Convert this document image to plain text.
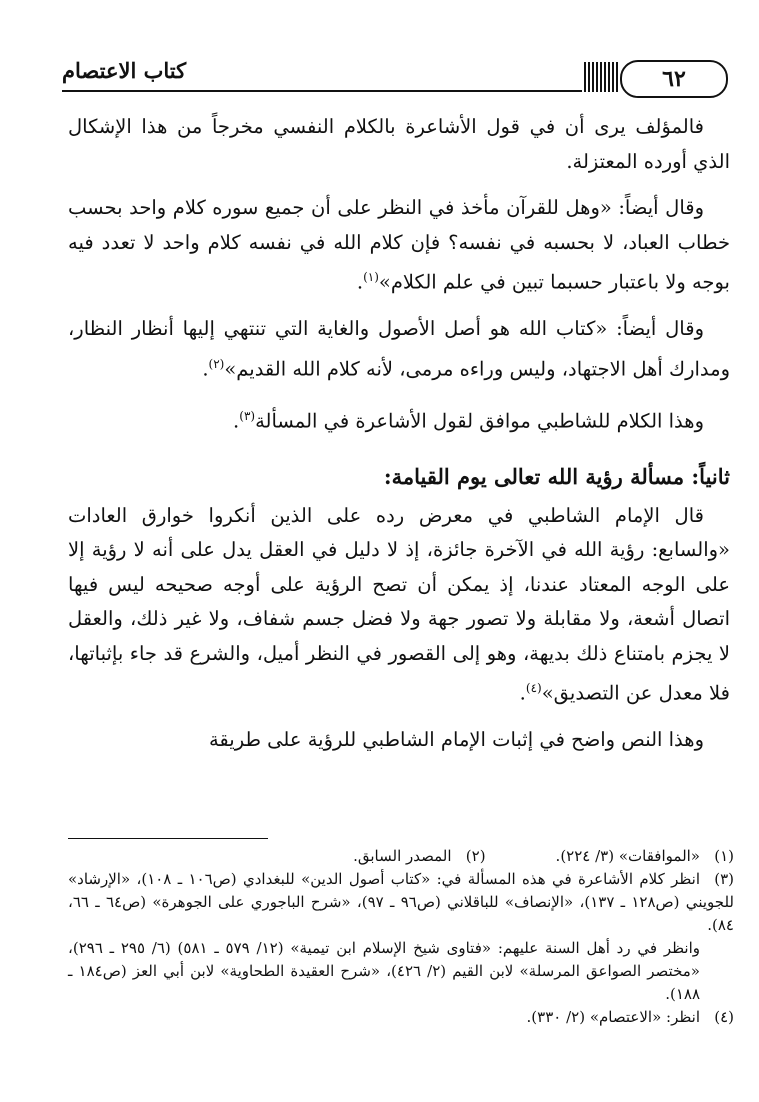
كتاب الاعتصام	٦٢

فالمؤلف يرى أن في قول الأشاعرة بالكلام النفسي مخرجاً من هذا الإشكال الذي أورده المعتزلة.

وقال أيضاً: «وهل للقرآن مأخذ في النظر على أن جميع سوره كلام واحد بحسب خطاب العباد، لا بحسبه في نفسه؟ فإن كلام الله في نفسه كلام واحد لا تعدد فيه بوجه ولا باعتبار حسبما تبين في علم الكلام»$^{(١)}$.

وقال أيضاً: «كتاب الله هو أصل الأصول والغاية التي تنتهي إليها أنظار النظار، ومدارك أهل الاجتهاد، وليس وراءه مرمى، لأنه كلام الله القديم»$^{(٢)}$.

وهذا الكلام للشاطبي موافق لقول الأشاعرة في المسألة$^{(٣)}$.

ثانياً: مسألة رؤية الله تعالى يوم القيامة:

قال الإمام الشاطبي في معرض رده على الذين أنكروا خوارق العادات «والسابع: رؤية الله في الآخرة جائزة، إذ لا دليل في العقل يدل على أنه لا رؤية إلا على الوجه المعتاد عندنا، إذ يمكن أن تصح الرؤية على أوجه صحيحه ليس فيها اتصال أشعة، ولا مقابلة ولا تصور جهة ولا فضل جسم شفاف، ولا غير ذلك، والعقل لا يجزم بامتناع ذلك بديهة، وهو إلى القصور في النظر أميل، والشرع قد جاء بإثباتها، فلا معدل عن التصديق»$^{(٤)}$.

وهذا النص واضح في إثبات الإمام الشاطبي للرؤية على طريقة

(١)«الموافقات» (٣/ ٢٢٤).

(٢)المصدر السابق.

(٣)انظر كلام الأشاعرة في هذه المسألة في: «كتاب أصول الدين» للبغدادي (ص١٠٦ ـ ١٠٨)، «الإرشاد» للجويني (ص١٢٨ ـ ١٣٧)، «الإنصاف» للباقلاني (ص٩٦ ـ ٩٧)، «شرح الباجوري على الجوهرة» (ص٦٤ ـ ٦٦، ٨٤).

وانظر في رد أهل السنة عليهم: «فتاوى شيخ الإسلام ابن تيمية» (١٢/ ٥٧٩ ـ ٥٨١) (٦/ ٢٩٥ ـ ٢٩٦)، «مختصر الصواعق المرسلة» لابن القيم (٢/ ٤٢٦)، «شرح العقيدة الطحاوية» لابن أبي العز (ص١٨٤ ـ ١٨٨).

(٤)انظر: «الاعتصام» (٢/ ٣٣٠).
